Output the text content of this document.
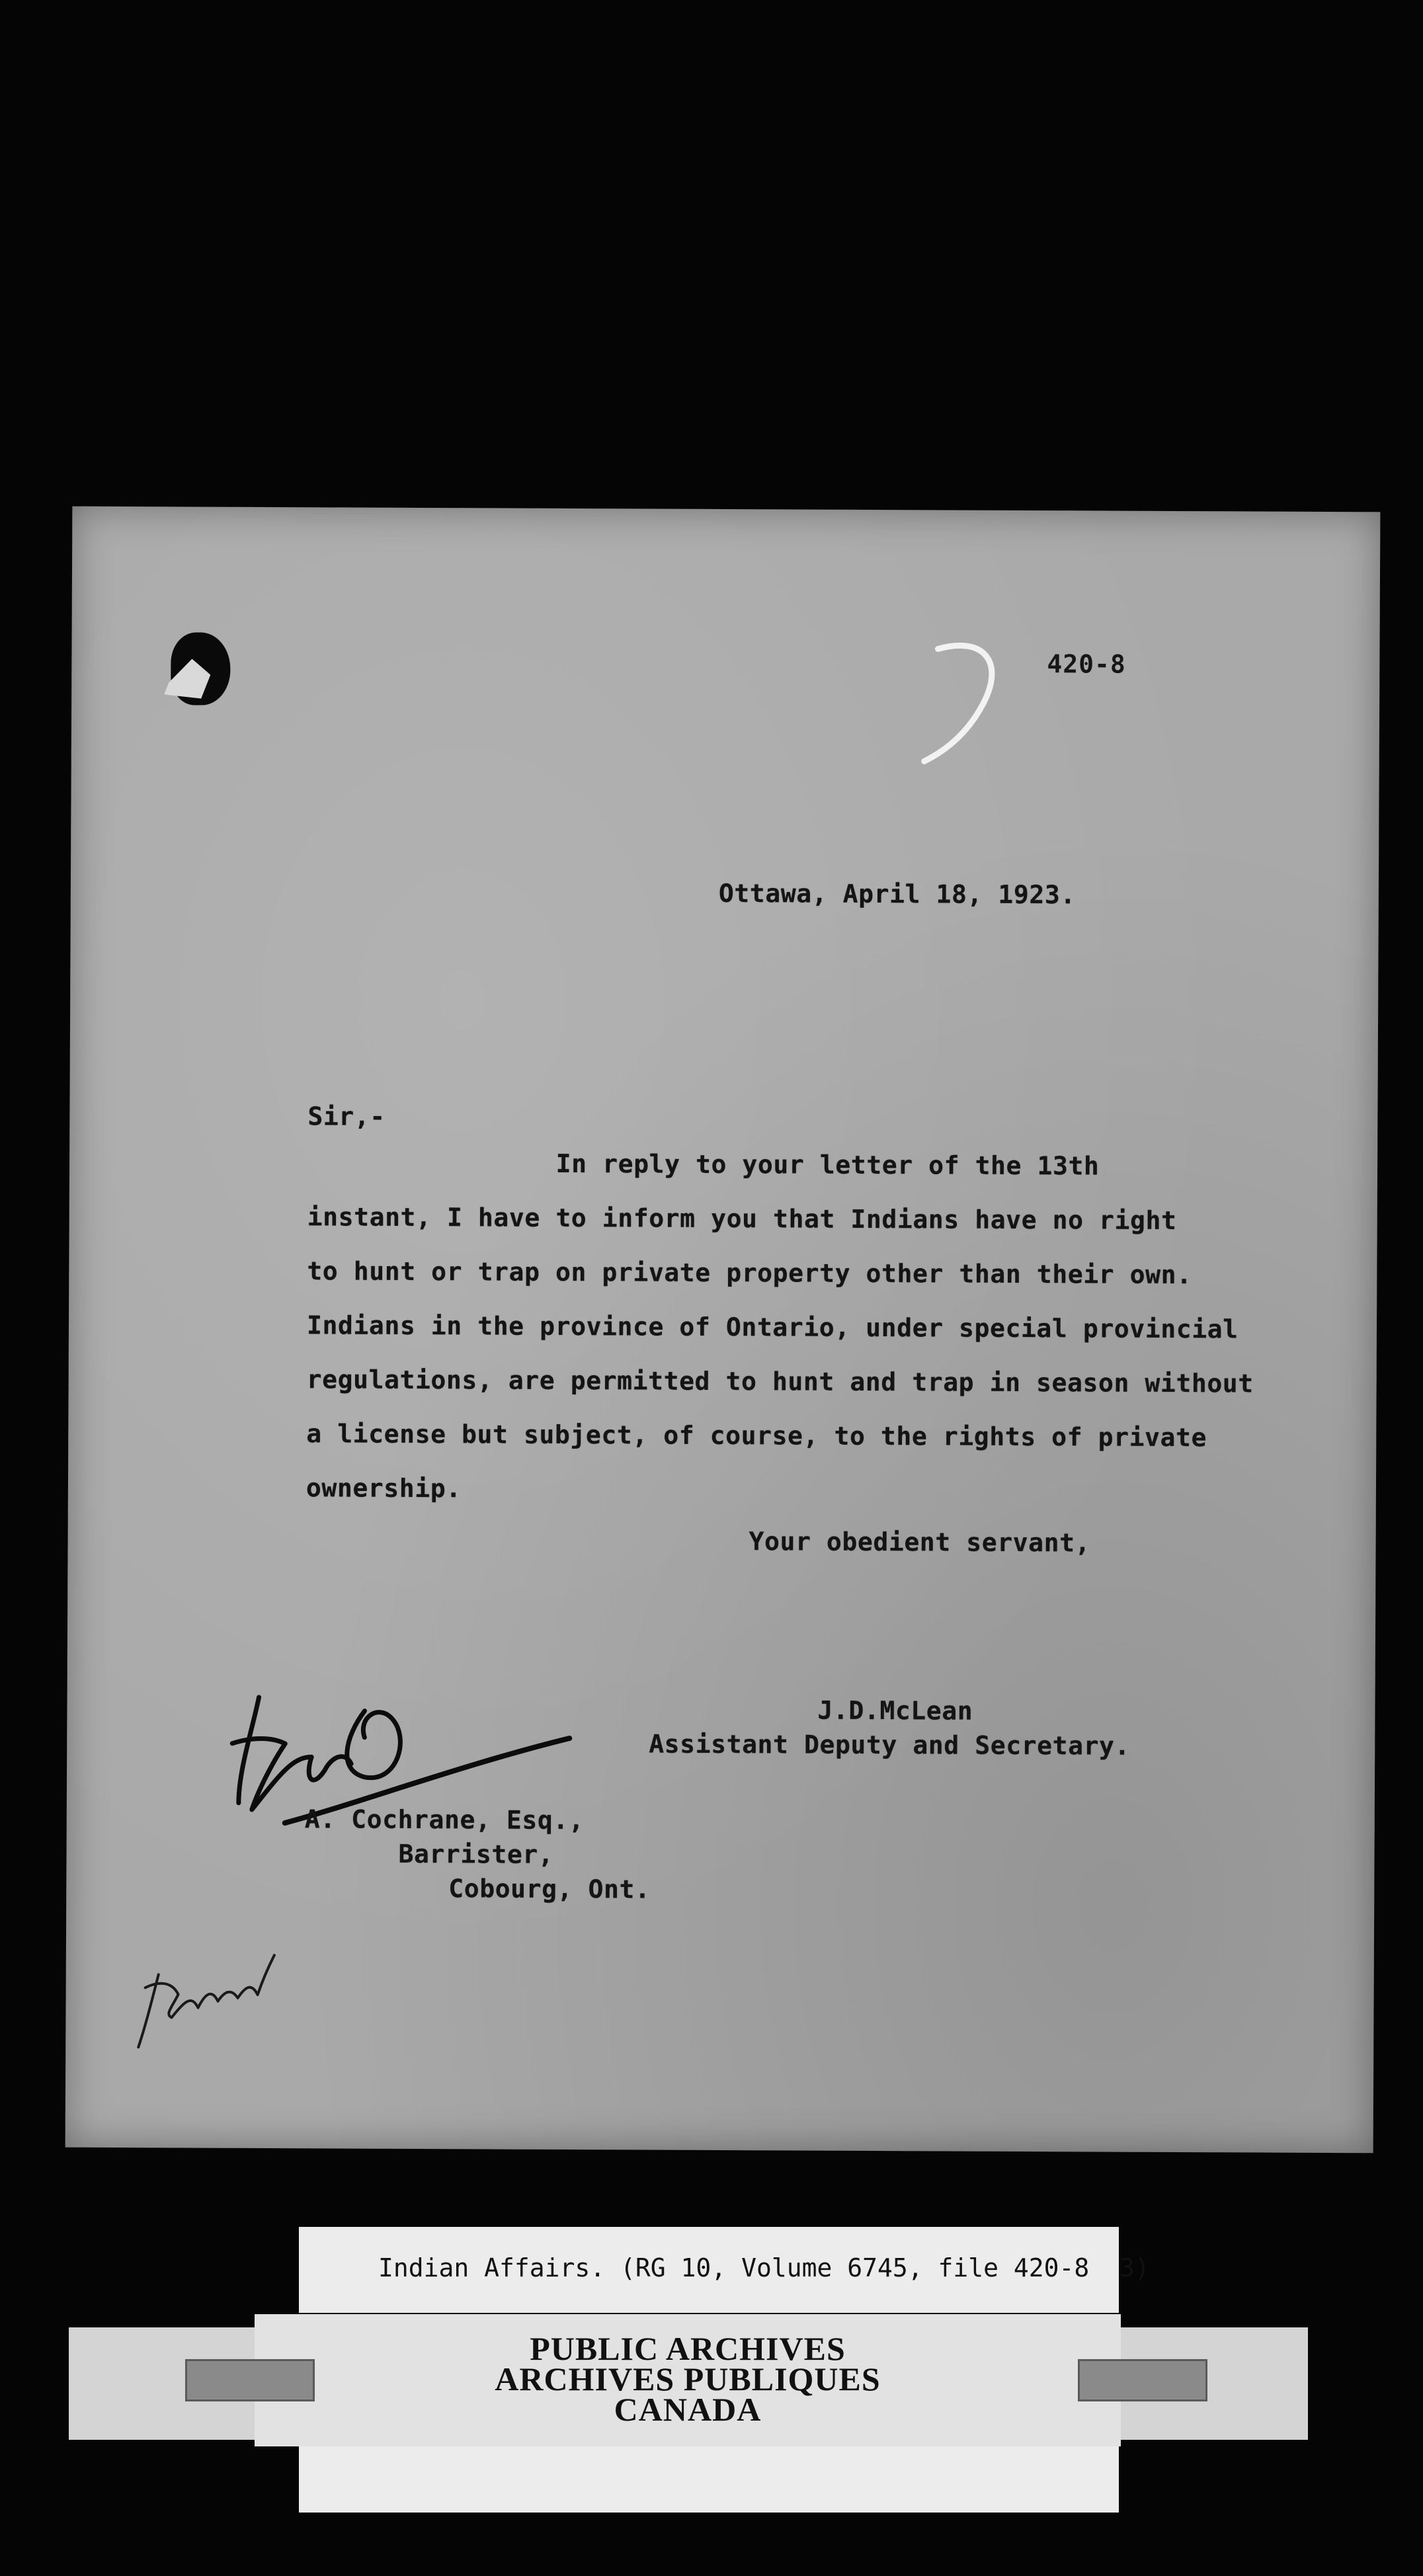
420-8
Ottawa, April 18, 1923.
Sir,-
In reply to your letter of the 13th
instant, I have to inform you that Indians have no right
to hunt or trap on private property other than their own.
Indians in the province of Ontario, under special provincial
regulations, are permitted to hunt and trap in season without
a license but subject, of course, to the rights of private
ownership.
Your obedient servant,
J.D.McLean
Assistant Deputy and Secretary.
A. Cochrane, Esq.,
Barrister,
Cobourg, Ont.
Indian Affairs. (RG 10, Volume 6745, file 420-8  3)
PUBLIC ARCHIVES
ARCHIVES PUBLIQUES
CANADA
